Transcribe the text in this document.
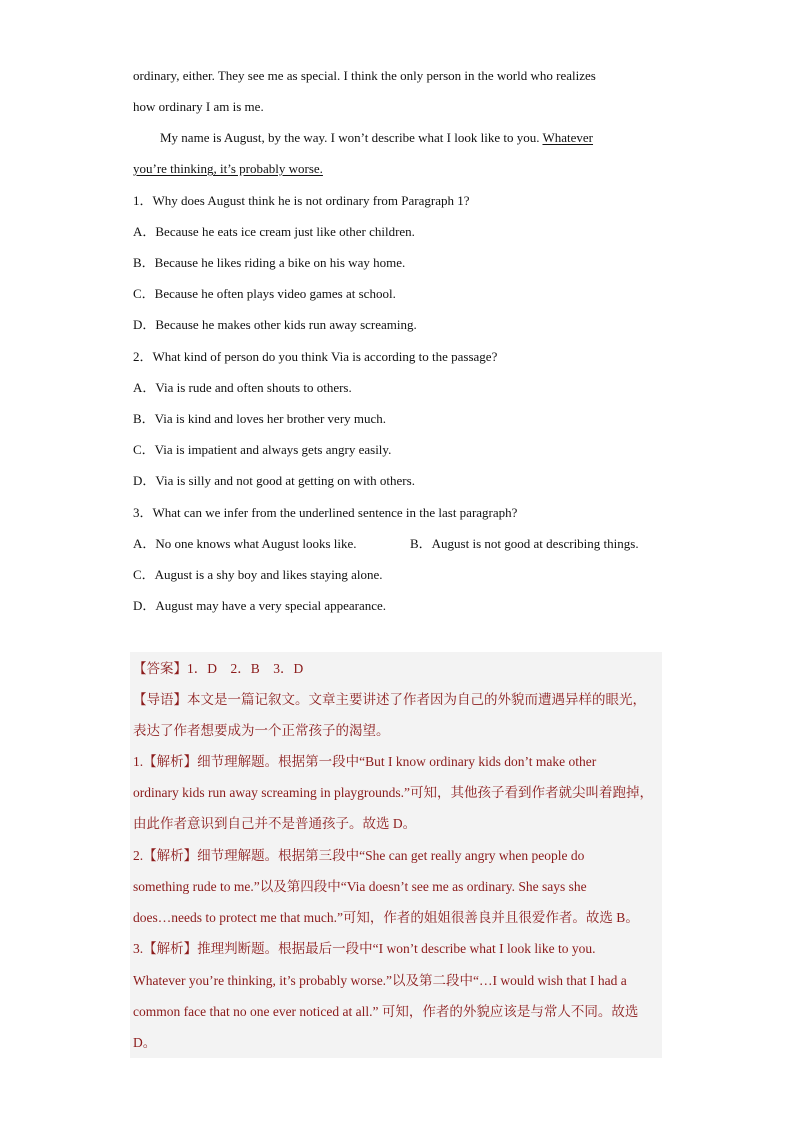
ordinary, either. They see me as special. I think the only person in the world who realizes
how ordinary I am is me.
My name is August, by the way. I won’t describe what I look like to you. Whatever
you’re thinking, it’s probably worse.
1．Why does August think he is not ordinary from Paragraph 1?
A．Because he eats ice cream just like other children.
B．Because he likes riding a bike on his way home.
C．Because he often plays video games at school.
D．Because he makes other kids run away screaming.
2．What kind of person do you think Via is according to the passage?
A．Via is rude and often shouts to others.
B．Via is kind and loves her brother very much.
C．Via is impatient and always gets angry easily.
D．Via is silly and not good at getting on with others.
3．What can we infer from the underlined sentence in the last paragraph?
A．No one knows what August looks like.	B．August is not good at describing things.
C．August is a shy boy and likes staying alone.
D．August may have a very special appearance.
【答案】1．D　2．B　3．D
【导语】本文是一篇记叙文。文章主要讲述了作者因为自己的外貌而遭遇异样的眼光，
表达了作者想要成为一个正常孩子的渴望。
1.【解析】细节理解题。根据第一段中“But I know ordinary kids don’t make other
ordinary kids run away screaming in playgrounds.”可知，其他孩子看到作者就尖叫着跑掉，
由此作者意识到自己并不是普通孩子。故选 D。
2.【解析】细节理解题。根据第三段中“She can get really angry when people do
something rude to me.”以及第四段中“Via doesn’t see me as ordinary. She says she
does…needs to protect me that much.”可知，作者的姐姐很善良并且很爱作者。故选 B。
3.【解析】推理判断题。根据最后一段中“I won’t describe what I look like to you.
Whatever you’re thinking, it’s probably worse.”以及第二段中“…I would wish that I had a
common face that no one ever noticed at all.” 可知，作者的外貌应该是与常人不同。故选
D。
